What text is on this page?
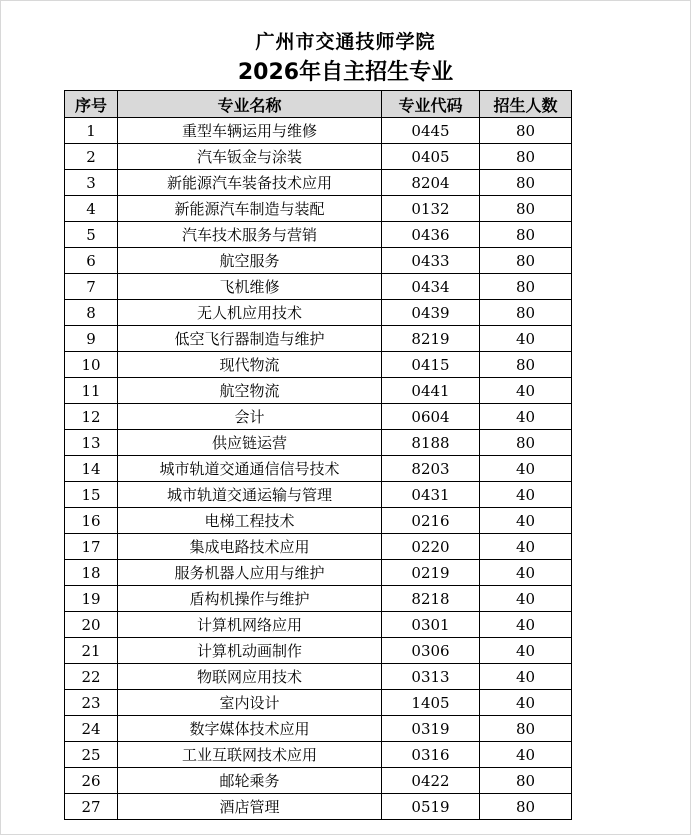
广州市交通技师学院
2026年自主招生专业
序号	专业名称	专业代码	招生人数
1	重型车辆运用与维修	0445	80
2	汽车钣金与涂装	0405	80
3	新能源汽车装备技术应用	8204	80
4	新能源汽车制造与装配	0132	80
5	汽车技术服务与营销	0436	80
6	航空服务	0433	80
7	飞机维修	0434	80
8	无人机应用技术	0439	80
9	低空飞行器制造与维护	8219	40
10	现代物流	0415	80
11	航空物流	0441	40
12	会计	0604	40
13	供应链运营	8188	80
14	城市轨道交通通信信号技术	8203	40
15	城市轨道交通运输与管理	0431	40
16	电梯工程技术	0216	40
17	集成电路技术应用	0220	40
18	服务机器人应用与维护	0219	40
19	盾构机操作与维护	8218	40
20	计算机网络应用	0301	40
21	计算机动画制作	0306	40
22	物联网应用技术	0313	40
23	室内设计	1405	40
24	数字媒体技术应用	0319	80
25	工业互联网技术应用	0316	40
26	邮轮乘务	0422	80
27	酒店管理	0519	80
